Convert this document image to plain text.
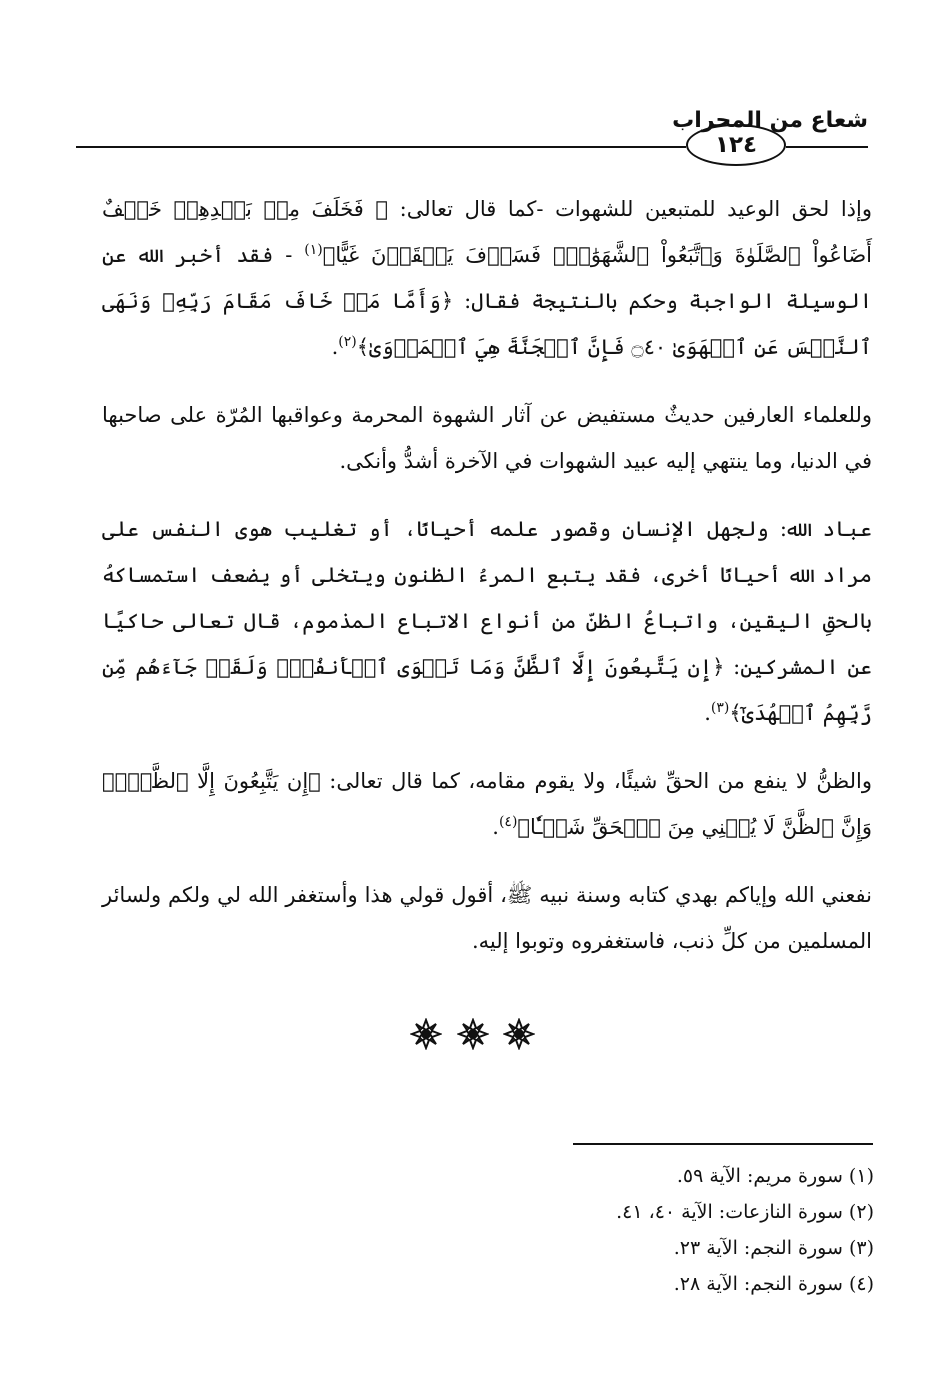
شعاع من المحراب
١٢٤

وإذا لحق الوعيد للمتبعين للشهوات -كما قال تعالى: ﴿ فَخَلَفَ مِنۢ بَعۡدِهِمۡ خَلۡفٌ أَضَاعُواْ ٱلصَّلَوٰةَ وَٱتَّبَعُواْ ٱلشَّهَوَٰتِۖ فَسَوۡفَ يَلۡقَوۡنَ غَيًّا﴾$^{(١)}$ - فقد أخبر الله عن الوسيلة الواجبة وحكم بالنتيجة فقال: ﴿وَأَمَّا مَنۡ خَافَ مَقَامَ رَبِّهِۦ وَنَهَى ٱلنَّفۡسَ عَنِ ٱلۡهَوَىٰ ۝٤٠ فَإِنَّ ٱلۡجَنَّةَ هِيَ ٱلۡمَأۡوَىٰ﴾$^{(٢)}$.

وللعلماء العارفين حديثٌ مستفيض عن آثار الشهوة المحرمة وعواقبها المُرّة على صاحبها في الدنيا، وما ينتهي إليه عبيد الشهوات في الآخرة أشدُّ وأنكى.

عباد الله: ولجهل الإنسان وقصور علمه أحيانًا، أو تغليب هوى النفس على مراد الله أحيانًا أخرى، فقد يتبع المرءُ الظنون ويتخلى أو يضعف استمساكهُ بالحقِ اليقين، واتباعُ الظنِّ من أنواع الاتباع المذموم، قال تعالى حاكيًا عن المشركين: ﴿إِن يَتَّبِعُونَ إِلَّا ٱلظَّنَّ وَمَا تَهۡوَى ٱلۡأَنفُسُۖ وَلَقَدۡ جَآءَهُم مِّن رَّبِّهِمُ ٱلۡهُدَىٰٓ﴾$^{(٣)}$.

والظنُّ لا ينفع من الحقِّ شيئًا، ولا يقوم مقامه، كما قال تعالى: ﴿إِن يَتَّبِعُونَ إِلَّا ٱلظَّنَّۖ وَإِنَّ ٱلظَّنَّ لَا يُغۡنِي مِنَ ٱلۡحَقِّ شَيۡـٔٗا﴾$^{(٤)}$.

نفعني الله وإياكم بهدي كتابه وسنة نبيه ﷺ، أقول قولي هذا وأستغفر الله لي ولكم ولسائر المسلمين من كلِّ ذنب، فاستغفروه وتوبوا إليه.

(١) سورة مريم: الآية ٥٩.
(٢) سورة النازعات: الآية ٤٠، ٤١.
(٣) سورة النجم: الآية ٢٣.
(٤) سورة النجم: الآية ٢٨.
